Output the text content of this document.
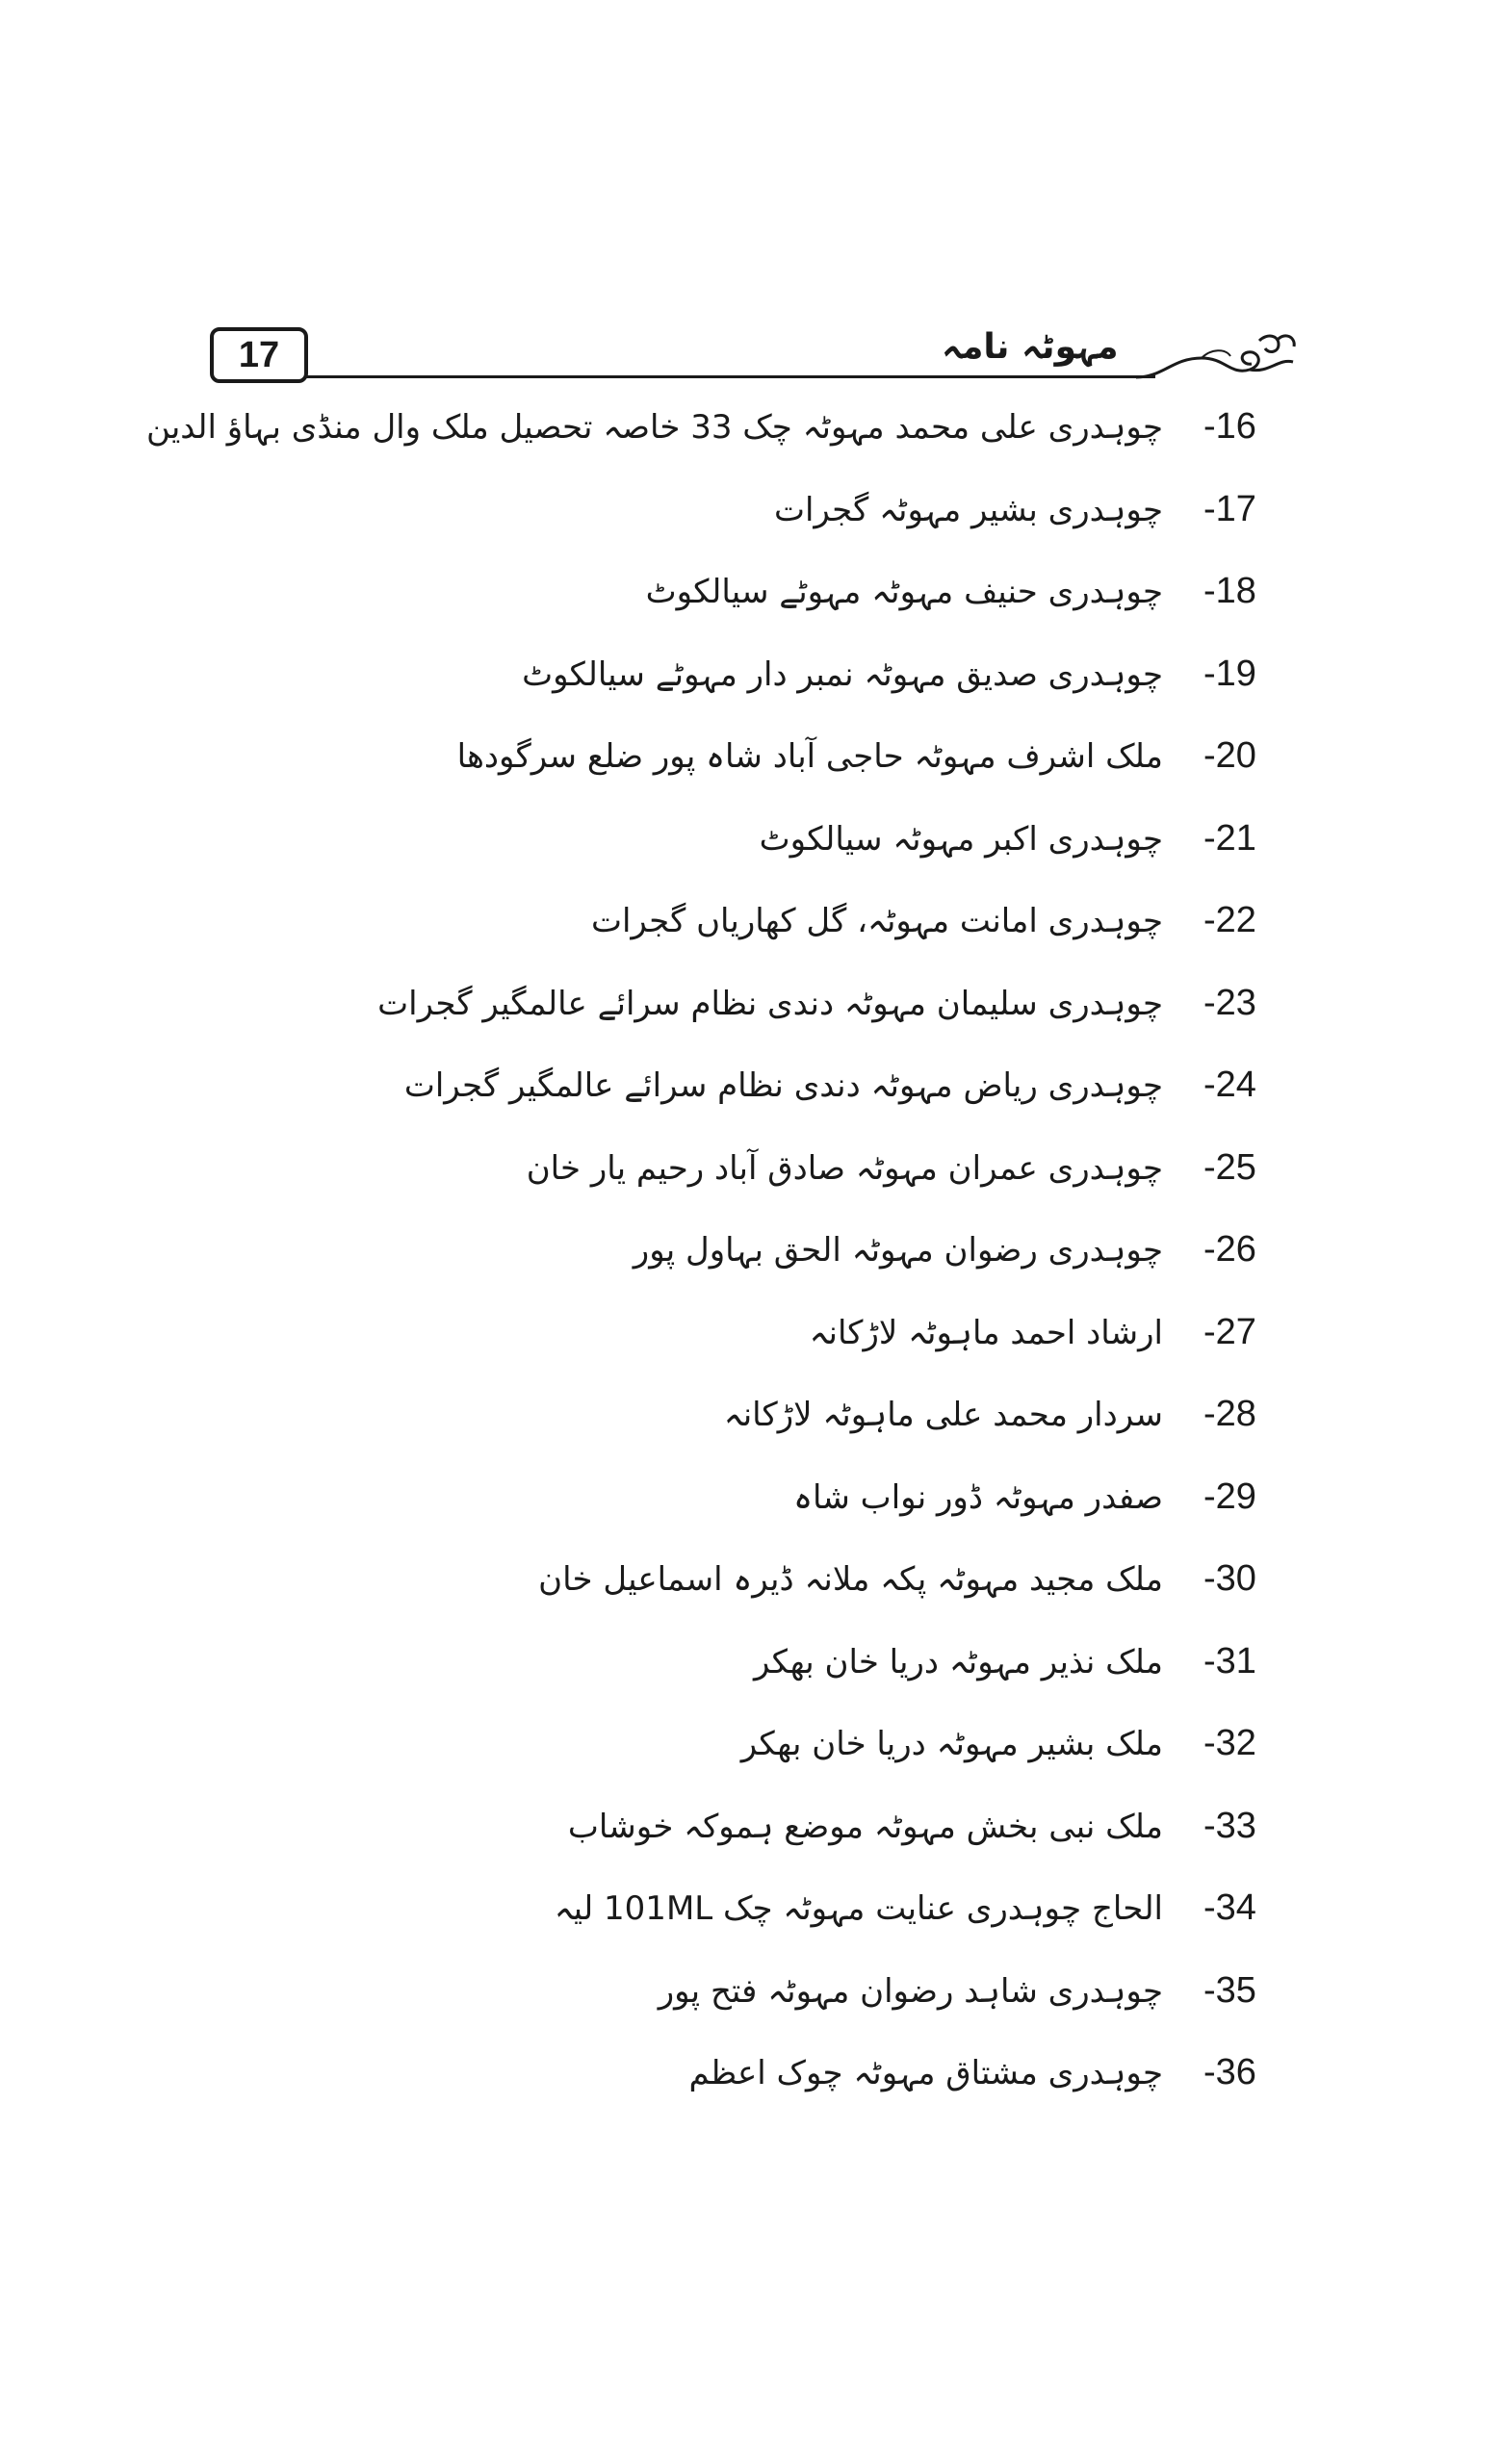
17	مہوٹہ نامہ
چوہدری علی محمد مہوٹہ چک 33 خاصہ تحصیل ملک وال منڈی بہاؤ الدین -16
چوہدری بشیر مہوٹہ گجرات -17
چوہدری حنیف مہوٹہ مہوٹے سیالکوٹ -18
چوہدری صدیق مہوٹہ نمبر دار مہوٹے سیالکوٹ -19
ملک اشرف مہوٹہ حاجی آباد شاہ پور ضلع سرگودھا -20
چوہدری اکبر مہوٹہ سیالکوٹ -21
چوہدری امانت مہوٹہ، گل کھاریاں گجرات -22
چوہدری سلیمان مہوٹہ دندی نظام سرائے عالمگیر گجرات -23
چوہدری ریاض مہوٹہ دندی نظام سرائے عالمگیر گجرات -24
چوہدری عمران مہوٹہ صادق آباد رحیم یار خان -25
چوہدری رضوان مہوٹہ الحق بہاول پور -26
ارشاد احمد ماہوٹہ لاڑکانہ -27
سردار محمد علی ماہوٹہ لاڑکانہ -28
صفدر مہوٹہ ڈور نواب شاہ -29
ملک مجید مہوٹہ پکہ ملانہ ڈیرہ اسماعیل خان -30
ملک نذیر مہوٹہ دریا خان بھکر -31
ملک بشیر مہوٹہ دریا خان بھکر -32
ملک نبی بخش مہوٹہ موضع ہموکہ خوشاب -33
الحاج چوہدری عنایت مہوٹہ چک 101ML لیہ -34
چوہدری شاہد رضوان مہوٹہ فتح پور -35
چوہدری مشتاق مہوٹہ چوک اعظم -36
